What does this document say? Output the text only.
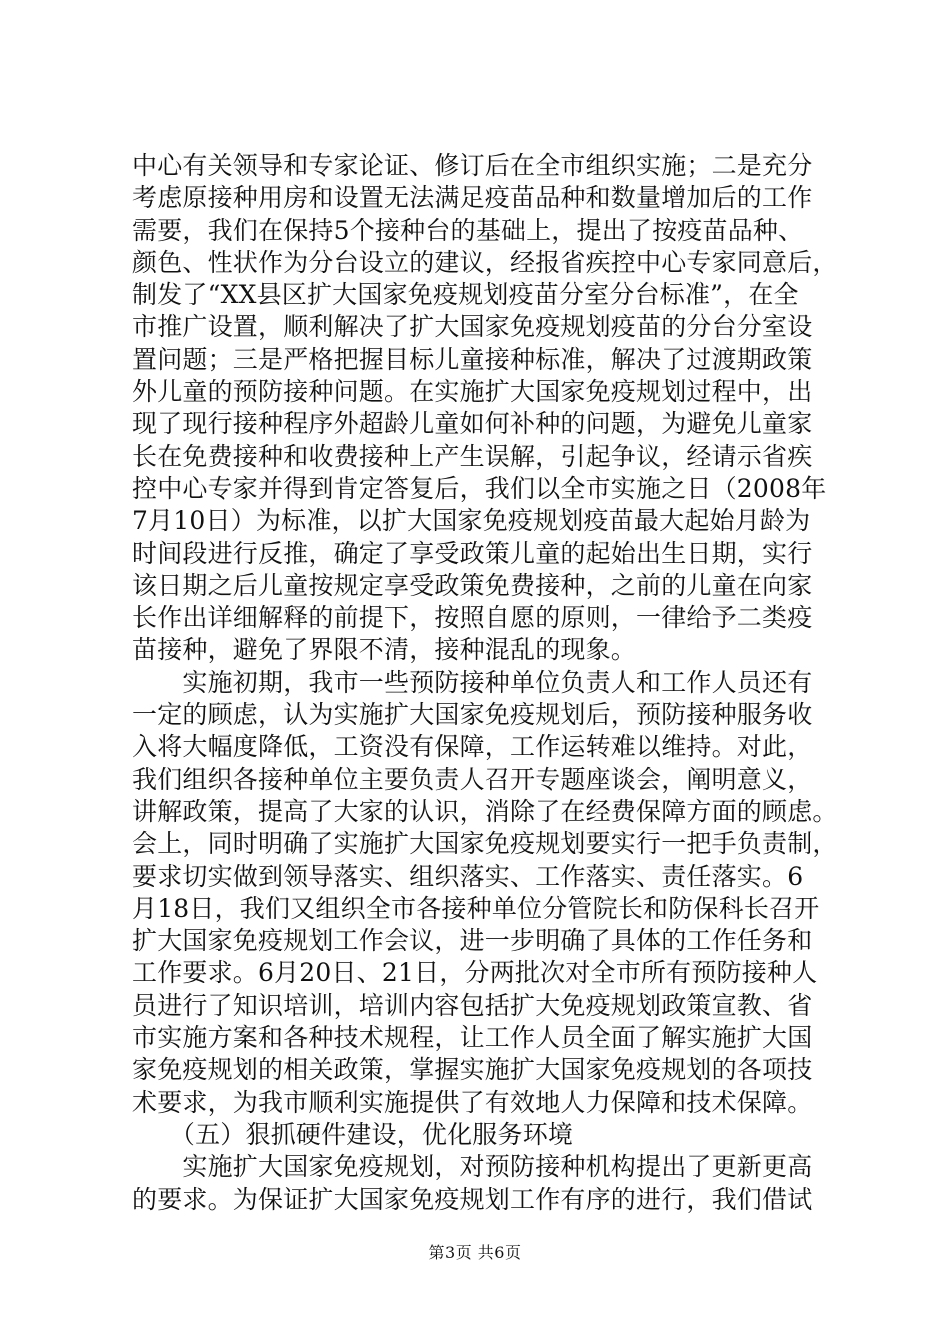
中心有关领导和专家论证、修订后在全市组织实施；二是充分
考虑原接种用房和设置无法满足疫苗品种和数量增加后的工作
需要，我们在保持5个接种台的基础上，提出了按疫苗品种、
颜色、性状作为分台设立的建议，经报省疾控中心专家同意后，
制发了“XX县区扩大国家免疫规划疫苗分室分台标准”，在全
市推广设置，顺利解决了扩大国家免疫规划疫苗的分台分室设
置问题；三是严格把握目标儿童接种标准，解决了过渡期政策
外儿童的预防接种问题。在实施扩大国家免疫规划过程中，出
现了现行接种程序外超龄儿童如何补种的问题，为避免儿童家
长在免费接种和收费接种上产生误解，引起争议，经请示省疾
控中心专家并得到肯定答复后，我们以全市实施之日（2008年
7月10日）为标准，以扩大国家免疫规划疫苗最大起始月龄为
时间段进行反推，确定了享受政策儿童的起始出生日期，实行
该日期之后儿童按规定享受政策免费接种，之前的儿童在向家
长作出详细解释的前提下，按照自愿的原则，一律给予二类疫
苗接种，避免了界限不清，接种混乱的现象。
　　实施初期，我市一些预防接种单位负责人和工作人员还有
一定的顾虑，认为实施扩大国家免疫规划后，预防接种服务收
入将大幅度降低，工资没有保障，工作运转难以维持。对此，
我们组织各接种单位主要负责人召开专题座谈会，阐明意义，
讲解政策，提高了大家的认识，消除了在经费保障方面的顾虑。
会上，同时明确了实施扩大国家免疫规划要实行一把手负责制，
要求切实做到领导落实、组织落实、工作落实、责任落实。6
月18日，我们又组织全市各接种单位分管院长和防保科长召开
扩大国家免疫规划工作会议，进一步明确了具体的工作任务和
工作要求。6月20日、21日，分两批次对全市所有预防接种人
员进行了知识培训，培训内容包括扩大免疫规划政策宣教、省
市实施方案和各种技术规程，让工作人员全面了解实施扩大国
家免疫规划的相关政策，掌握实施扩大国家免疫规划的各项技
术要求，为我市顺利实施提供了有效地人力保障和技术保障。
　　（五）狠抓硬件建设，优化服务环境
　　实施扩大国家免疫规划，对预防接种机构提出了更新更高
的要求。为保证扩大国家免疫规划工作有序的进行，我们借试
第3页 共6页
